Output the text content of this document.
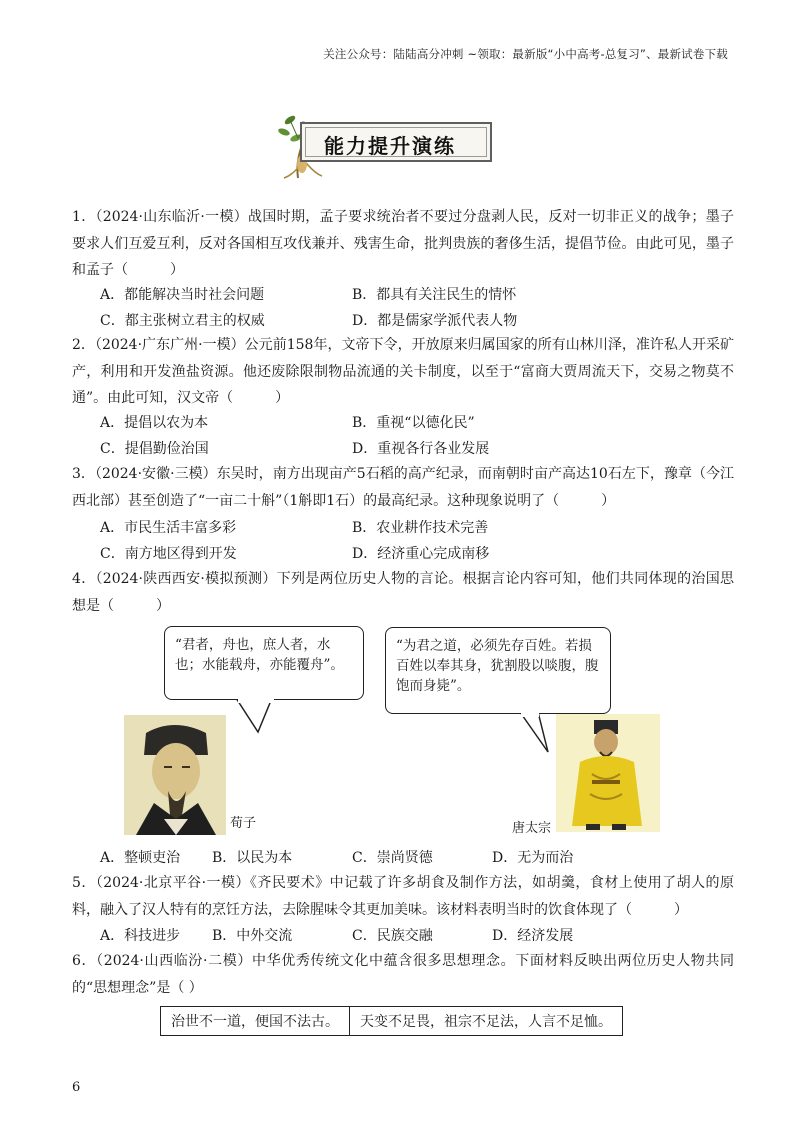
关注公众号：陆陆高分冲刺 ~领取：最新版“小中高考-总复习”、最新试卷下载
能力提升演练
1．（2024·山东临沂·一模）战国时期，孟子要求统治者不要过分盘剥人民，反对一切非正义的战争；墨子要求人们互爱互利，反对各国相互攻伐兼并、残害生命，批判贵族的奢侈生活，提倡节俭。由此可见，墨子和孟子（　　　）
A．都能解决当时社会问题	B．都具有关注民生的情怀
C．都主张树立君主的权威	D．都是儒家学派代表人物
2．（2024·广东广州·一模）公元前158年，文帝下令，开放原来归属国家的所有山林川泽，准许私人开采矿产，利用和开发渔盐资源。他还废除限制物品流通的关卡制度，以至于“富商大贾周流天下，交易之物莫不通”。由此可知，汉文帝（　　　）
A．提倡以农为本	B．重视“以德化民”
C．提倡勤俭治国	D．重视各行各业发展
3．（2024·安徽·三模）东吴时，南方出现亩产5石稻的高产纪录，而南朝时亩产高达10石左下，豫章（今江西北部）甚至创造了“一亩二十斛”（1斛即1石）的最高纪录。这种现象说明了（　　　）
A．市民生活丰富多彩	B．农业耕作技术完善
C．南方地区得到开发	D．经济重心完成南移
4．（2024·陕西西安·模拟预测）下列是两位历史人物的言论。根据言论内容可知，他们共同体现的治国思想是（　　　）
A．整顿吏治 B．以民为本	C．崇尚贤德	D．无为而治
5．（2024·北京平谷·一模）《齐民要术》中记载了许多胡食及制作方法，如胡羹，食材上使用了胡人的原料，融入了汉人特有的烹饪方法，去除腥味令其更加美味。该材料表明当时的饮食体现了（　　　）
A．科技进步 B．中外交流	C．民族交融	D．经济发展
6．（2024·山西临汾·二模）中华优秀传统文化中蕴含很多思想理念。下面材料反映出两位历史人物共同的“思想理念”是（ ）
“君者，舟也，庶人者，水也；水能载舟，亦能覆舟”。
“为君之道，必须先存百姓。若损百姓以奉其身，犹割股以啖腹，腹饱而身毙”。
荀子	唐太宗
治世不一道，便国不法古。	天变不足畏，祖宗不足法，人言不足恤。
6
